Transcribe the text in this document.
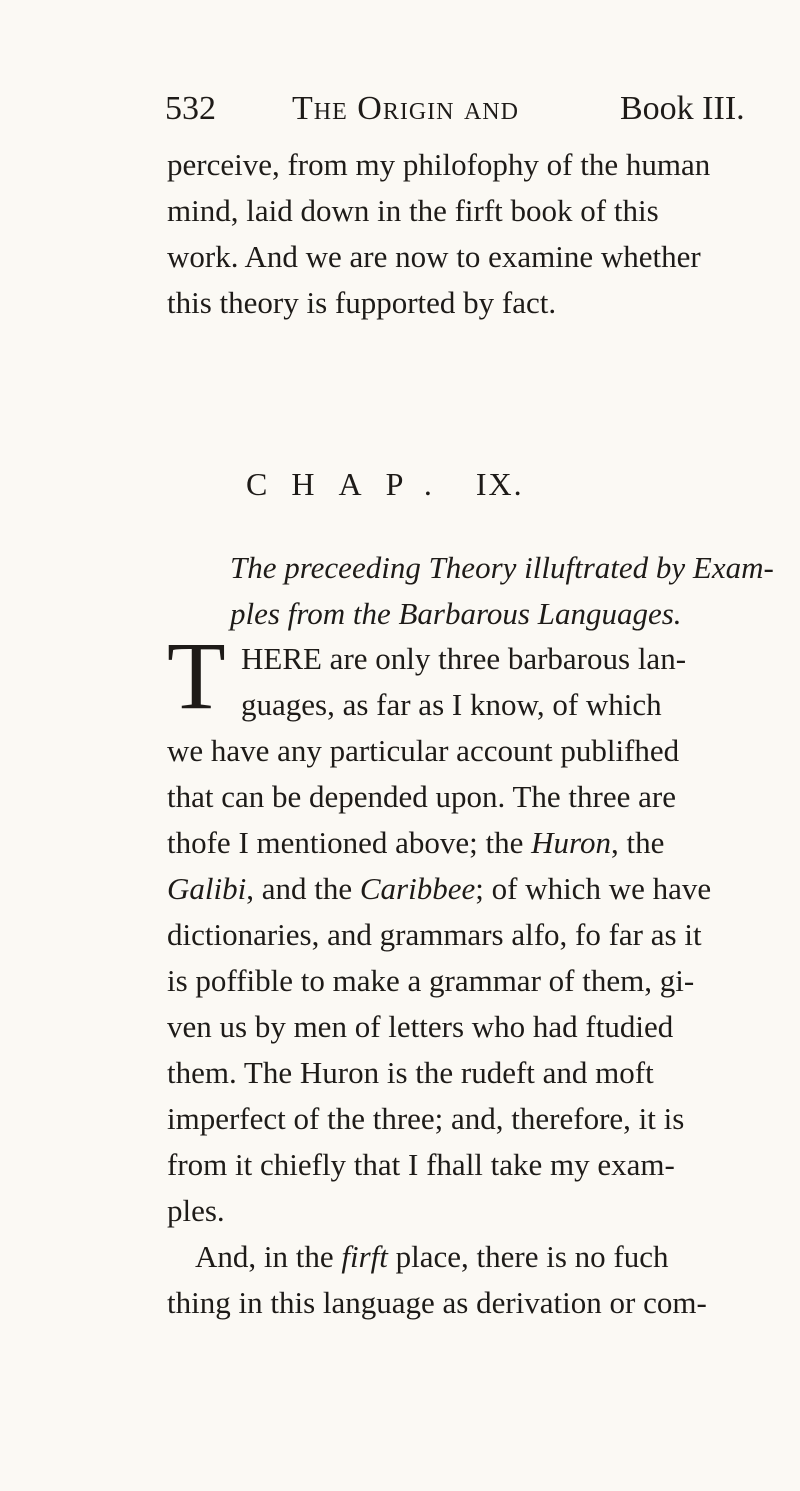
532 The Origin and	Book III.
perceive, from my philofophy of the human
mind, laid down in the firft book of this
work. And we are now to examine whether
this theory is fupported by fact.
CHAP. IX.
The preceeding Theory illuftrated by Exam-
ples from the Barbarous Languages.
T HERE are only three barbarous lan-
guages, as far as I know, of which
we have any particular account publifhed
that can be depended upon. The three are
thofe I mentioned above; the Huron, the
Galibi, and the Caribbee; of which we have
dictionaries, and grammars alfo, fo far as it
is poffible to make a grammar of them, gi-
ven us by men of letters who had ftudied
them. The Huron is the rudeft and moft
imperfect of the three; and, therefore, it is
from it chiefly that I fhall take my exam-
ples.
And, in the firft place, there is no fuch
thing in this language as derivation or com-
